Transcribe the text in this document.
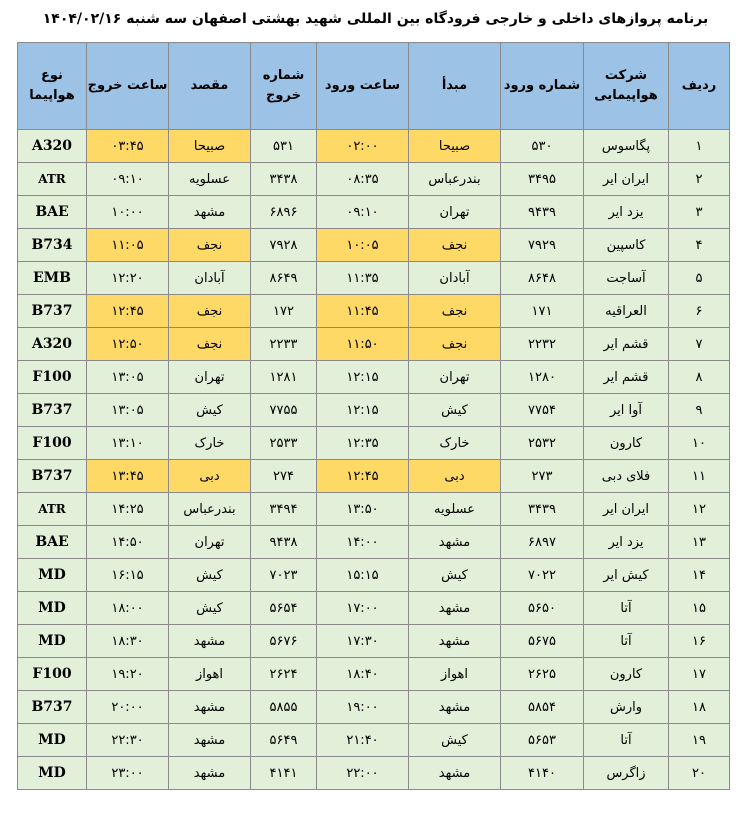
برنامه پروازهای داخلی و خارجی فرودگاه بین المللی شهید بهشتی اصفهان سه شنبه ۱۴۰۴/۰۲/۱۶
ردیف	شرکت هواپیمایی	شماره ورود	مبدأ	ساعت ورود	شماره خروج	مقصد	ساعت خروج	نوع هواپیما
۱	پگاسوس	۵۳۰	صبیحا	۰۲:۰۰	۵۳۱	صبیحا	۰۳:۴۵	A320
۲	ایران ایر	۳۴۹۵	بندرعباس	۰۸:۳۵	۳۴۳۸	عسلویه	۰۹:۱۰	ATR
۳	یزد ایر	۹۴۳۹	تهران	۰۹:۱۰	۶۸۹۶	مشهد	۱۰:۰۰	BAE
۴	کاسپین	۷۹۲۹	نجف	۱۰:۰۵	۷۹۲۸	نجف	۱۱:۰۵	B734
۵	آساجت	۸۶۴۸	آبادان	۱۱:۳۵	۸۶۴۹	آبادان	۱۲:۲۰	EMB
۶	العراقیه	۱۷۱	نجف	۱۱:۴۵	۱۷۲	نجف	۱۲:۴۵	B737
۷	قشم ایر	۲۲۳۲	نجف	۱۱:۵۰	۲۲۳۳	نجف	۱۲:۵۰	A320
۸	قشم ایر	۱۲۸۰	تهران	۱۲:۱۵	۱۲۸۱	تهران	۱۳:۰۵	F100
۹	آوا ایر	۷۷۵۴	کیش	۱۲:۱۵	۷۷۵۵	کیش	۱۳:۰۵	B737
۱۰	کارون	۲۵۳۲	خارک	۱۲:۳۵	۲۵۳۳	خارک	۱۳:۱۰	F100
۱۱	فلای دبی	۲۷۳	دبی	۱۲:۴۵	۲۷۴	دبی	۱۳:۴۵	B737
۱۲	ایران ایر	۳۴۳۹	عسلویه	۱۳:۵۰	۳۴۹۴	بندرعباس	۱۴:۲۵	ATR
۱۳	یزد ایر	۶۸۹۷	مشهد	۱۴:۰۰	۹۴۳۸	تهران	۱۴:۵۰	BAE
۱۴	کیش ایر	۷۰۲۲	کیش	۱۵:۱۵	۷۰۲۳	کیش	۱۶:۱۵	MD
۱۵	آتا	۵۶۵۰	مشهد	۱۷:۰۰	۵۶۵۴	کیش	۱۸:۰۰	MD
۱۶	آتا	۵۶۷۵	مشهد	۱۷:۳۰	۵۶۷۶	مشهد	۱۸:۳۰	MD
۱۷	کارون	۲۶۲۵	اهواز	۱۸:۴۰	۲۶۲۴	اهواز	۱۹:۲۰	F100
۱۸	وارش	۵۸۵۴	مشهد	۱۹:۰۰	۵۸۵۵	مشهد	۲۰:۰۰	B737
۱۹	آتا	۵۶۵۳	کیش	۲۱:۴۰	۵۶۴۹	مشهد	۲۲:۳۰	MD
۲۰	زاگرس	۴۱۴۰	مشهد	۲۲:۰۰	۴۱۴۱	مشهد	۲۳:۰۰	MD
